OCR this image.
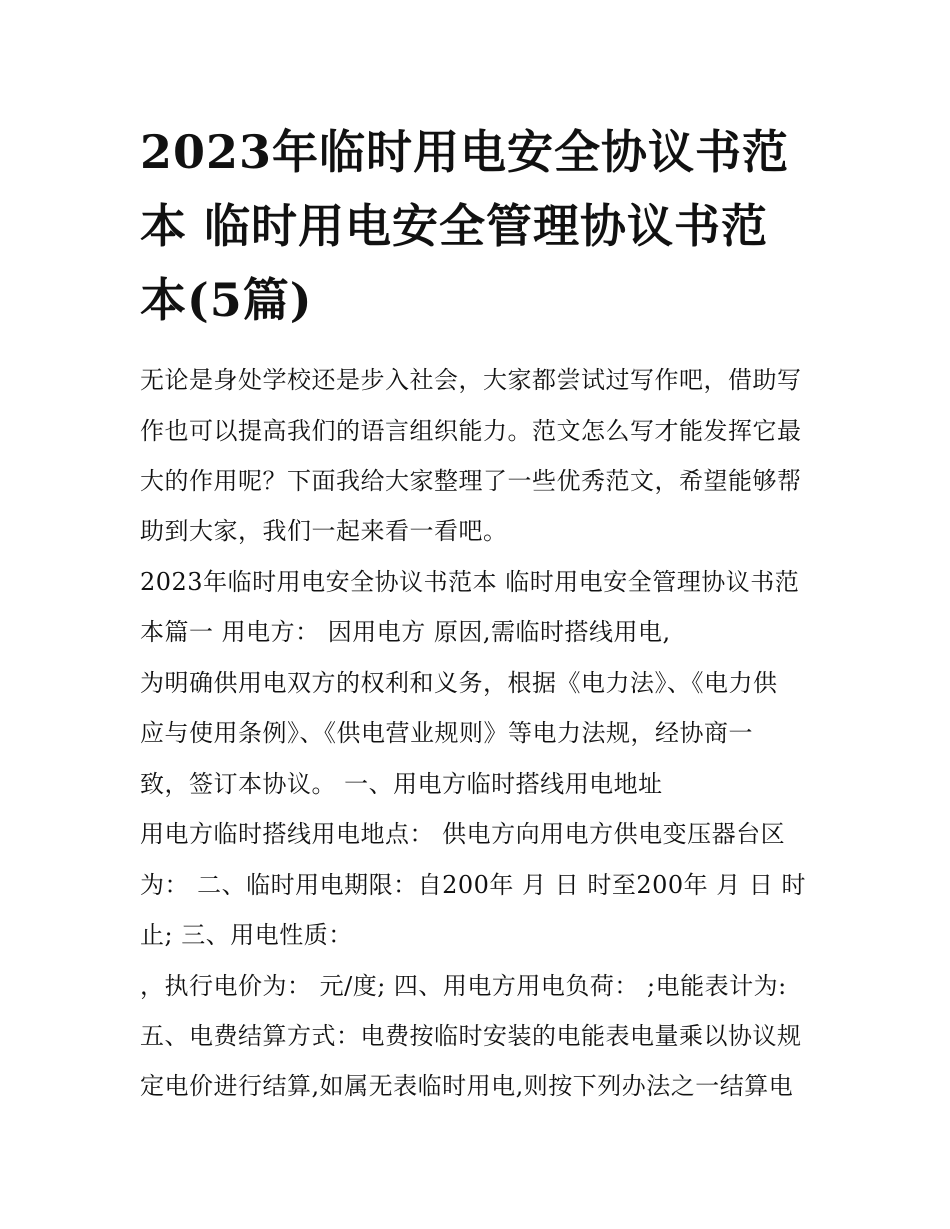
2023年临时用电安全协议书范
本 临时用电安全管理协议书范
本(5篇)
无论是身处学校还是步入社会，大家都尝试过写作吧，借助写
作也可以提高我们的语言组织能力。范文怎么写才能发挥它最
大的作用呢？下面我给大家整理了一些优秀范文，希望能够帮
助到大家，我们一起来看一看吧。
2023年临时用电安全协议书范本 临时用电安全管理协议书范
本篇一 用电方： 因用电方 原因,需临时搭线用电,
为明确供用电双方的权利和义务，根据《电力法》、《电力供
应与使用条例》、《供电营业规则》等电力法规，经协商一
致，签订本协议。 一、用电方临时搭线用电地址
用电方临时搭线用电地点： 供电方向用电方供电变压器台区
为： 二、临时用电期限：自200年 月 日 时至200年 月 日 时
止; 三、用电性质：
，执行电价为： 元/度; 四、用电方用电负荷： ;电能表计为:
五、电费结算方式：电费按临时安装的电能表电量乘以协议规
定电价进行结算,如属无表临时用电,则按下列办法之一结算电
